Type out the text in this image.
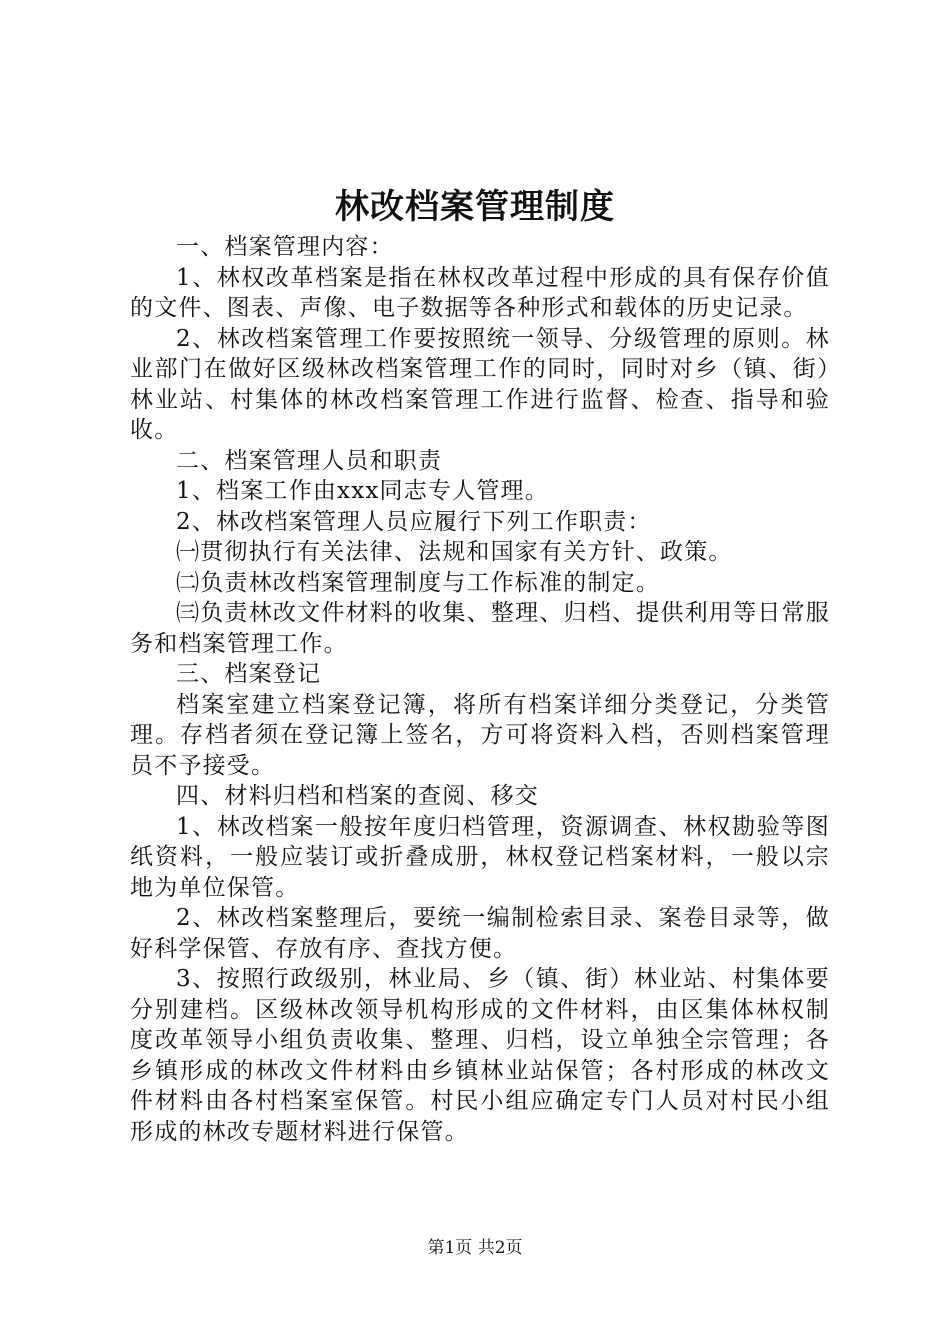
林改档案管理制度

一、档案管理内容：

1、林权改革档案是指在林权改革过程中形成的具有保存价值的文件、图表、声像、电子数据等各种形式和载体的历史记录。

2、林改档案管理工作要按照统一领导、分级管理的原则。林业部门在做好区级林改档案管理工作的同时，同时对乡（镇、街）林业站、村集体的林改档案管理工作进行监督、检查、指导和验收。

二、档案管理人员和职责

1、档案工作由xxx同志专人管理。

2、林改档案管理人员应履行下列工作职责：

㈠贯彻执行有关法律、法规和国家有关方针、政策。

㈡负责林改档案管理制度与工作标准的制定。

㈢负责林改文件材料的收集、整理、归档、提供利用等日常服务和档案管理工作。

三、档案登记

档案室建立档案登记簿，将所有档案详细分类登记，分类管理。存档者须在登记簿上签名，方可将资料入档，否则档案管理员不予接受。

四、材料归档和档案的查阅、移交

1、林改档案一般按年度归档管理，资源调查、林权勘验等图纸资料，一般应装订或折叠成册，林权登记档案材料，一般以宗地为单位保管。

2、林改档案整理后，要统一编制检索目录、案卷目录等，做好科学保管、存放有序、查找方便。

3、按照行政级别，林业局、乡（镇、街）林业站、村集体要分别建档。区级林改领导机构形成的文件材料，由区集体林权制度改革领导小组负责收集、整理、归档，设立单独全宗管理；各乡镇形成的林改文件材料由乡镇林业站保管；各村形成的林改文件材料由各村档案室保管。村民小组应确定专门人员对村民小组形成的林改专题材料进行保管。

第1页 共2页
